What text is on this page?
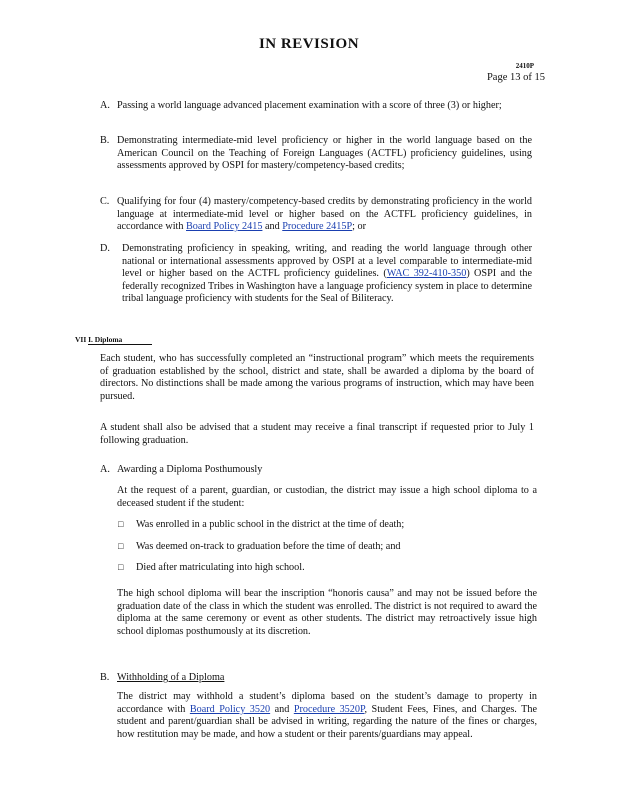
IN REVISION
2410P
Page 13 of 15
A. Passing a world language advanced placement examination with a score of three (3) or higher;
B. Demonstrating intermediate-mid level proficiency or higher in the world language based on the American Council on the Teaching of Foreign Languages (ACTFL) proficiency guidelines, using assessments approved by OSPI for mastery/competency-based credits;
C. Qualifying for four (4) mastery/competency-based credits by demonstrating proficiency in the world language at intermediate-mid level or higher based on the ACTFL proficiency guidelines, in accordance with Board Policy 2415 and Procedure 2415P; or
D. Demonstrating proficiency in speaking, writing, and reading the world language through other national or international assessments approved by OSPI at a level comparable to intermediate-mid level or higher based on the ACTFL proficiency guidelines. (WAC 392-410-350) OSPI and the federally recognized Tribes in Washington have a language proficiency system in place to determine tribal language proficiency with students for the Seal of Biliteracy.
VII I. Diploma
Each student, who has successfully completed an “instructional program” which meets the requirements of graduation established by the school, district and state, shall be awarded a diploma by the board of directors. No distinctions shall be made among the various programs of instruction, which may have been pursued.
A student shall also be advised that a student may receive a final transcript if requested prior to July 1 following graduation.
A. Awarding a Diploma Posthumously
At the request of a parent, guardian, or custodian, the district may issue a high school diploma to a deceased student if the student:
□ Was enrolled in a public school in the district at the time of death;
□ Was deemed on-track to graduation before the time of death; and
□ Died after matriculating into high school.
The high school diploma will bear the inscription “honoris causa” and may not be issued before the graduation date of the class in which the student was enrolled. The district is not required to award the diploma at the same ceremony or event as other students. The district may retroactively issue high school diplomas posthumously at its discretion.
B. Withholding of a Diploma
The district may withhold a student’s diploma based on the student’s damage to property in accordance with Board Policy 3520 and Procedure 3520P, Student Fees, Fines, and Charges. The student and parent/guardian shall be advised in writing, regarding the nature of the fines or charges, how restitution may be made, and how a student or their parents/guardians may appeal.
